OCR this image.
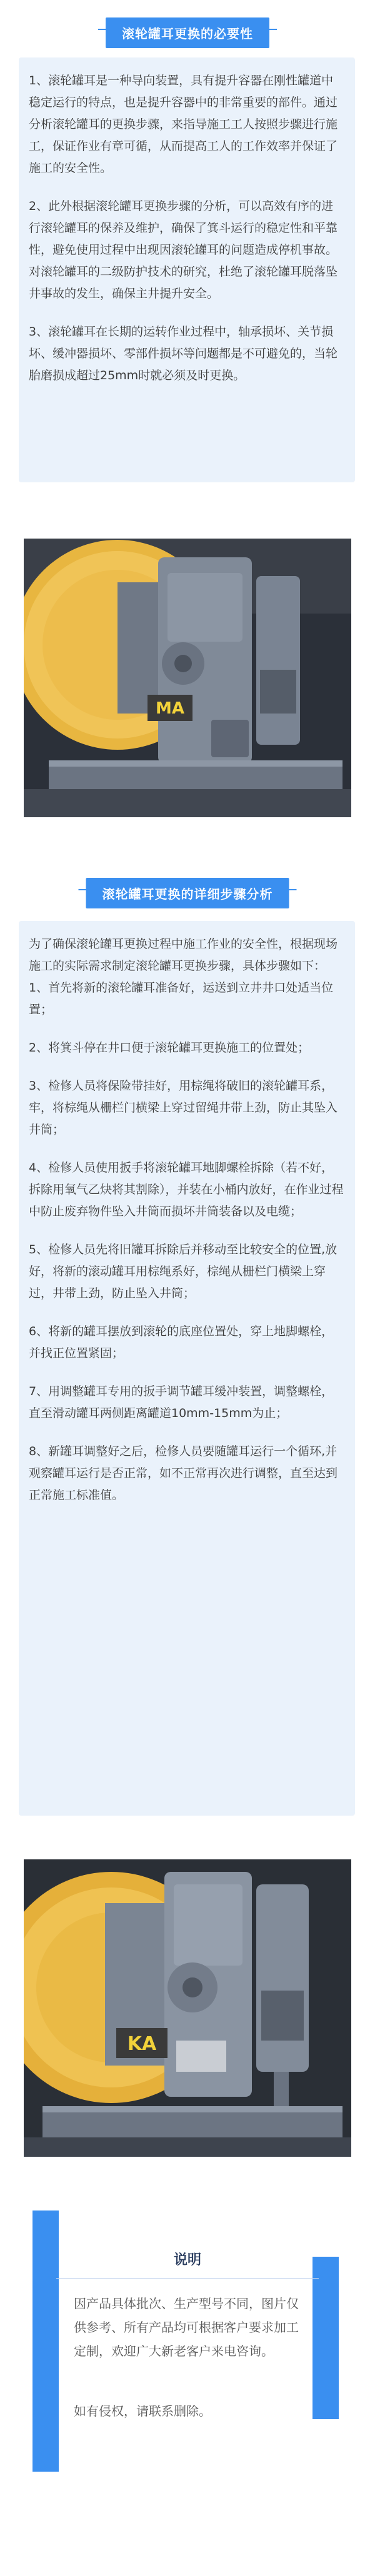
滚轮罐耳更换的必要性

1、滚轮罐耳是一种导向装置，具有提升容器在刚性罐道中稳定运行的特点，也是提升容器中的非常重要的部件。通过分析滚轮罐耳的更换步骤，来指导施工工人按照步骤进行施工，保证作业有章可循，从而提高工人的工作效率并保证了施工的安全性。

2、此外根据滚轮罐耳更换步骤的分析，可以高效有序的进行滚轮罐耳的保养及维护，确保了箕斗运行的稳定性和平靠性，避免使用过程中出现因滚轮罐耳的问题造成停机事故。对滚轮罐耳的二级防护技术的研究，杜绝了滚轮罐耳脱落坠井事故的发生，确保主井提升安全。

3、滚轮罐耳在长期的运转作业过程中，轴承损坏、关节损坏、缓冲器损坏、零部件损坏等问题都是不可避免的，当轮胎磨损成超过25mm时就必须及时更换。

MA
滚轮罐耳更换的详细步骤分析

为了确保滚轮罐耳更换过程中施工作业的安全性，根据现场施工的实际需求制定滚轮罐耳更换步骤，具体步骤如下：

1、首先将新的滚轮罐耳准备好，运送到立井井口处适当位置；

2、将箕斗停在井口便于滚轮罐耳更换施工的位置处；

3、检修人员将保险带挂好，用棕绳将破旧的滚轮罐耳系，牢，将棕绳从栅栏门横梁上穿过留绳井带上劲，防止其坠入井筒；

4、检修人员使用扳手将滚轮罐耳地脚螺栓拆除（若不好，拆除用氧气乙炔将其割除），并装在小桶内放好，在作业过程中防止废弃物件坠入井筒而损坏井筒装备以及电缆；

5、检修人员先将旧罐耳拆除后并移动至比较安全的位置,放好，将新的滚动罐耳用棕绳系好，棕绳从栅栏门横梁上穿过，井带上劲，防止坠入井筒；

6、将新的罐耳摆放到滚轮的底座位置处，穿上地脚螺栓，并找正位置紧固；

7、用调整罐耳专用的扳手调节罐耳缓冲装置，调整螺栓，直至滑动罐耳两侧距离罐道10mm-15mm为止；

8、新罐耳调整好之后，检修人员要随罐耳运行一个循环,并观察罐耳运行是否正常，如不正常再次进行调整，直至达到正常施工标准值。

KA
说明
因产品具体批次、生产型号不同，图片仅供参考、所有产品均可根据客户要求加工定制，欢迎广大新老客户来电咨询。
如有侵权，请联系删除。
